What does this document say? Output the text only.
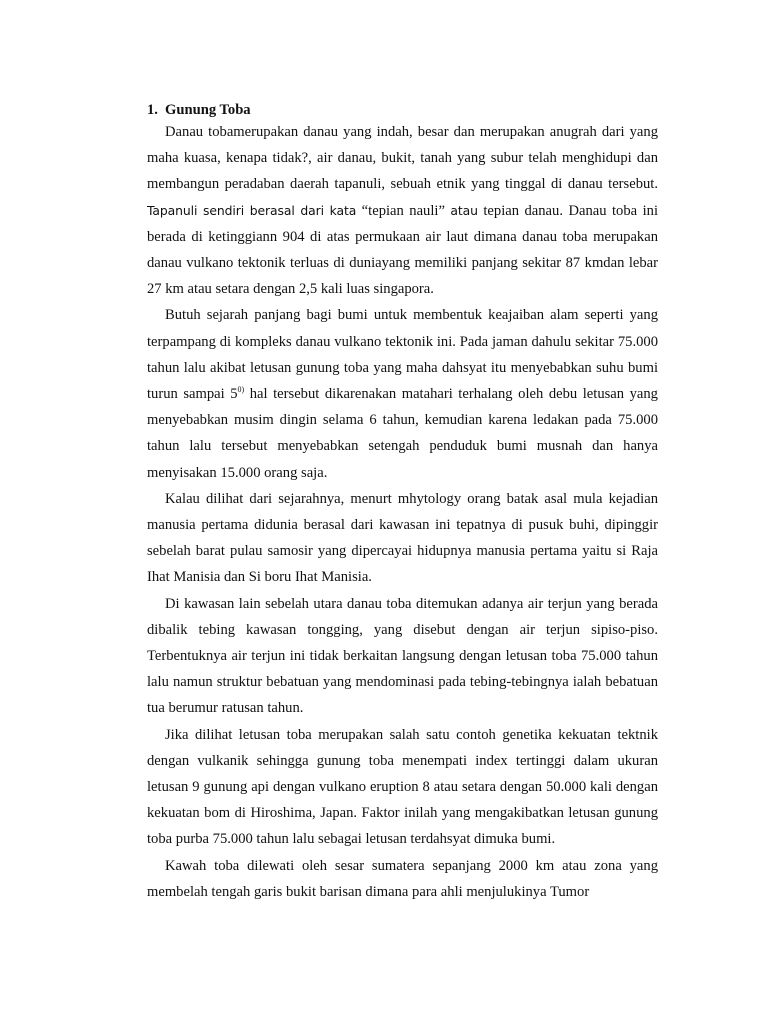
1. Gunung Toba

Danau tobamerupakan danau yang indah, besar dan merupakan anugrah dari yang maha kuasa, kenapa tidak?, air danau, bukit, tanah yang subur telah menghidupi dan membangun peradaban daerah tapanuli, sebuah etnik yang tinggal di danau tersebut. Tapanuli sendiri berasal dari kata “tepian nauli” atau tepian danau. Danau toba ini berada di ketinggiann 904 di atas permukaan air laut dimana danau toba merupakan danau vulkano tektonik terluas di duniayang memiliki panjang sekitar 87 kmdan lebar 27 km atau setara dengan 2,5 kali luas singapora.

Butuh sejarah panjang bagi bumi untuk membentuk keajaiban alam seperti yang terpampang di kompleks danau vulkano tektonik ini. Pada jaman dahulu sekitar 75.000 tahun lalu akibat letusan gunung toba yang maha dahsyat itu menyebabkan suhu bumi turun sampai 5$^{0)}$ hal tersebut dikarenakan matahari terhalang oleh debu letusan yang menyebabkan musim dingin selama 6 tahun, kemudian karena ledakan pada 75.000 tahun lalu tersebut menyebabkan setengah penduduk bumi musnah dan hanya menyisakan 15.000 orang saja.

Kalau dilihat dari sejarahnya, menurt mhytology orang batak asal mula kejadian manusia pertama didunia berasal dari kawasan ini tepatnya di pusuk buhi, dipinggir sebelah barat pulau samosir yang dipercayai hidupnya manusia pertama yaitu si Raja Ihat Manisia dan Si boru Ihat Manisia.

Di kawasan lain sebelah utara danau toba ditemukan adanya air terjun yang berada dibalik tebing kawasan tongging, yang disebut dengan air terjun sipiso-piso. Terbentuknya air terjun ini tidak berkaitan langsung dengan letusan toba 75.000 tahun lalu namun struktur bebatuan yang mendominasi pada tebing-tebingnya ialah bebatuan tua berumur ratusan tahun.

Jika dilihat letusan toba merupakan salah satu contoh genetika kekuatan tektnik dengan vulkanik sehingga gunung toba menempati index tertinggi dalam ukuran letusan 9 gunung api dengan vulkano eruption 8 atau setara dengan 50.000 kali dengan kekuatan bom di Hiroshima, Japan. Faktor inilah yang mengakibatkan letusan gunung toba purba 75.000 tahun lalu sebagai letusan terdahsyat dimuka bumi.

Kawah toba dilewati oleh sesar sumatera sepanjang 2000 km atau zona yang membelah tengah garis bukit barisan dimana para ahli menjulukinya Tumor
